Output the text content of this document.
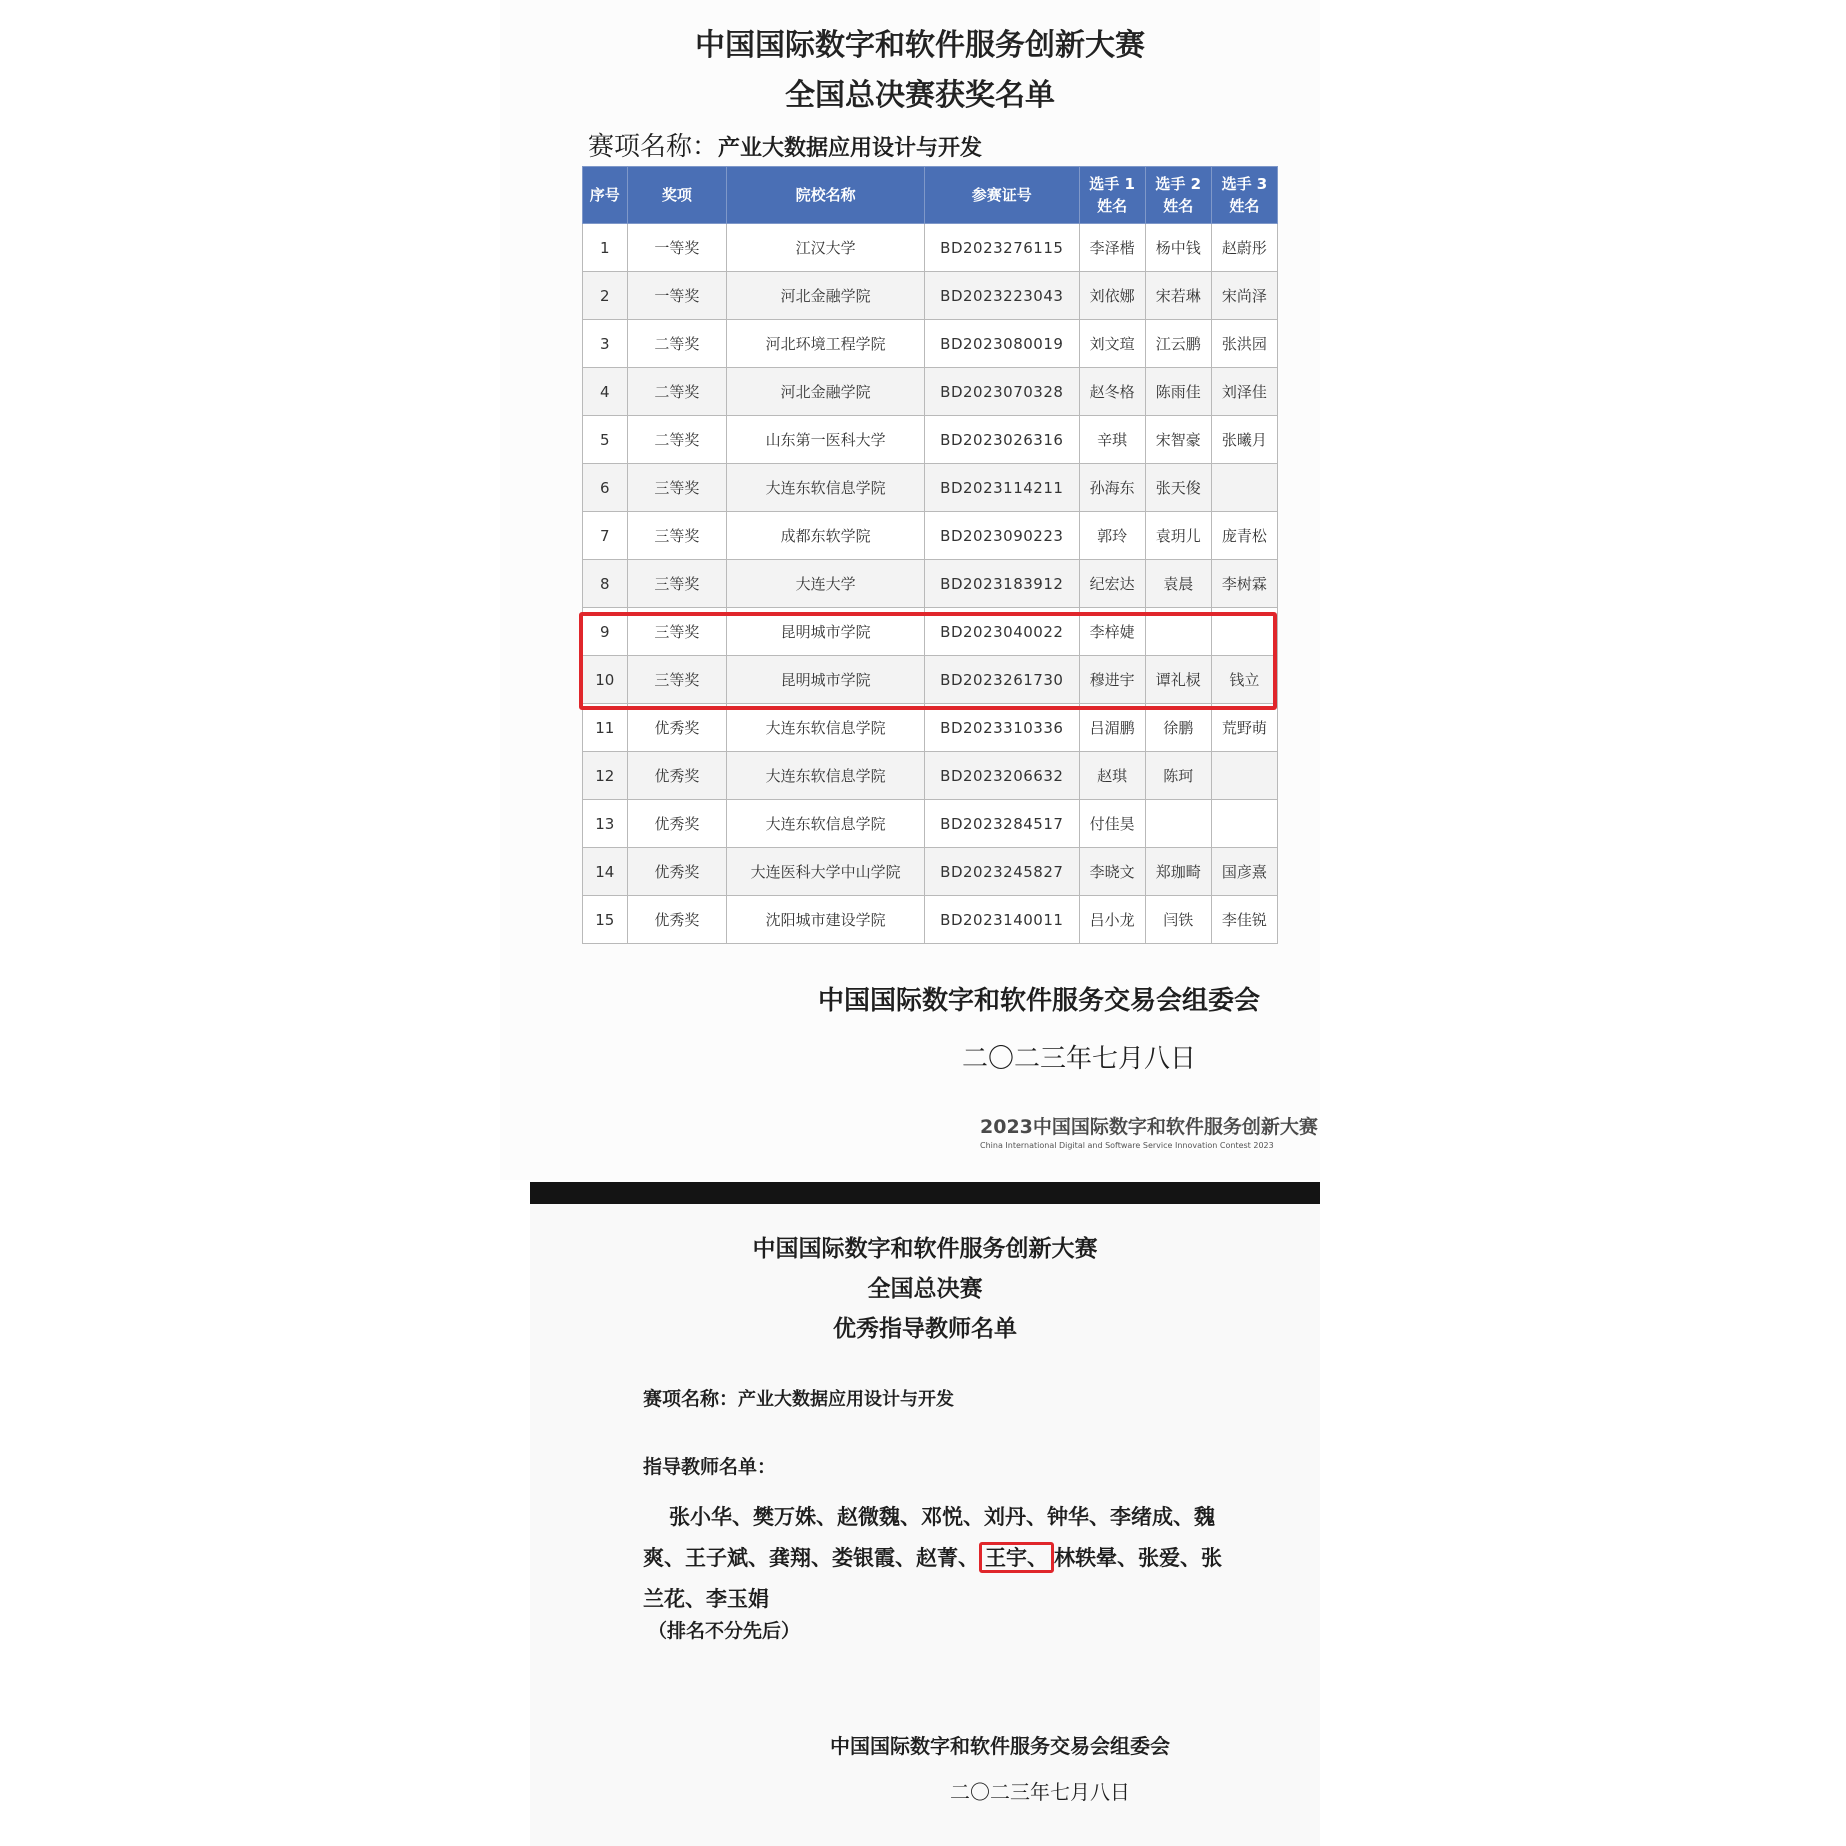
中国国际数字和软件服务创新大赛
全国总决赛获奖名单
赛项名称：产业大数据应用设计与开发
序号	奖项	院校名称	参赛证号	选手 1 姓名	选手 2 姓名	选手 3 姓名
1	一等奖	江汉大学	BD2023276115	李泽楷	杨中钱	赵蔚彤
2	一等奖	河北金融学院	BD2023223043	刘依娜	宋若琳	宋尚泽
3	二等奖	河北环境工程学院	BD2023080019	刘文瑄	江云鹏	张洪园
4	二等奖	河北金融学院	BD2023070328	赵冬格	陈雨佳	刘泽佳
5	二等奖	山东第一医科大学	BD2023026316	辛琪	宋智豪	张曦月
6	三等奖	大连东软信息学院	BD2023114211	孙海东	张天俊	
7	三等奖	成都东软学院	BD2023090223	郭玲	袁玥儿	庞青松
8	三等奖	大连大学	BD2023183912	纪宏达	袁晨	李树霖
9	三等奖	昆明城市学院	BD2023040022	李梓婕		
10	三等奖	昆明城市学院	BD2023261730	穆进宇	谭礼棂	钱立
11	优秀奖	大连东软信息学院	BD2023310336	吕湄鹏	徐鹏	荒野萌
12	优秀奖	大连东软信息学院	BD2023206632	赵琪	陈珂	
13	优秀奖	大连东软信息学院	BD2023284517	付佳昊		
14	优秀奖	大连医科大学中山学院	BD2023245827	李晓文	郑珈畸	国彦熹
15	优秀奖	沈阳城市建设学院	BD2023140011	吕小龙	闫铁	李佳锐
中国国际数字和软件服务交易会组委会
二〇二三年七月八日
2023中国国际数字和软件服务创新大赛
China International Digital and Software Service Innovation Contest 2023
中国国际数字和软件服务创新大赛
全国总决赛
优秀指导教师名单
赛项名称：产业大数据应用设计与开发
指导教师名单：
张小华、樊万姝、赵微魏、邓悦、刘丹、钟华、李绪成、魏爽、王子斌、龚翔、娄银霞、赵菁、 王宇、 林轶晕、张爱、张兰花、李玉娟
（排名不分先后）
中国国际数字和软件服务交易会组委会
二〇二三年七月八日
